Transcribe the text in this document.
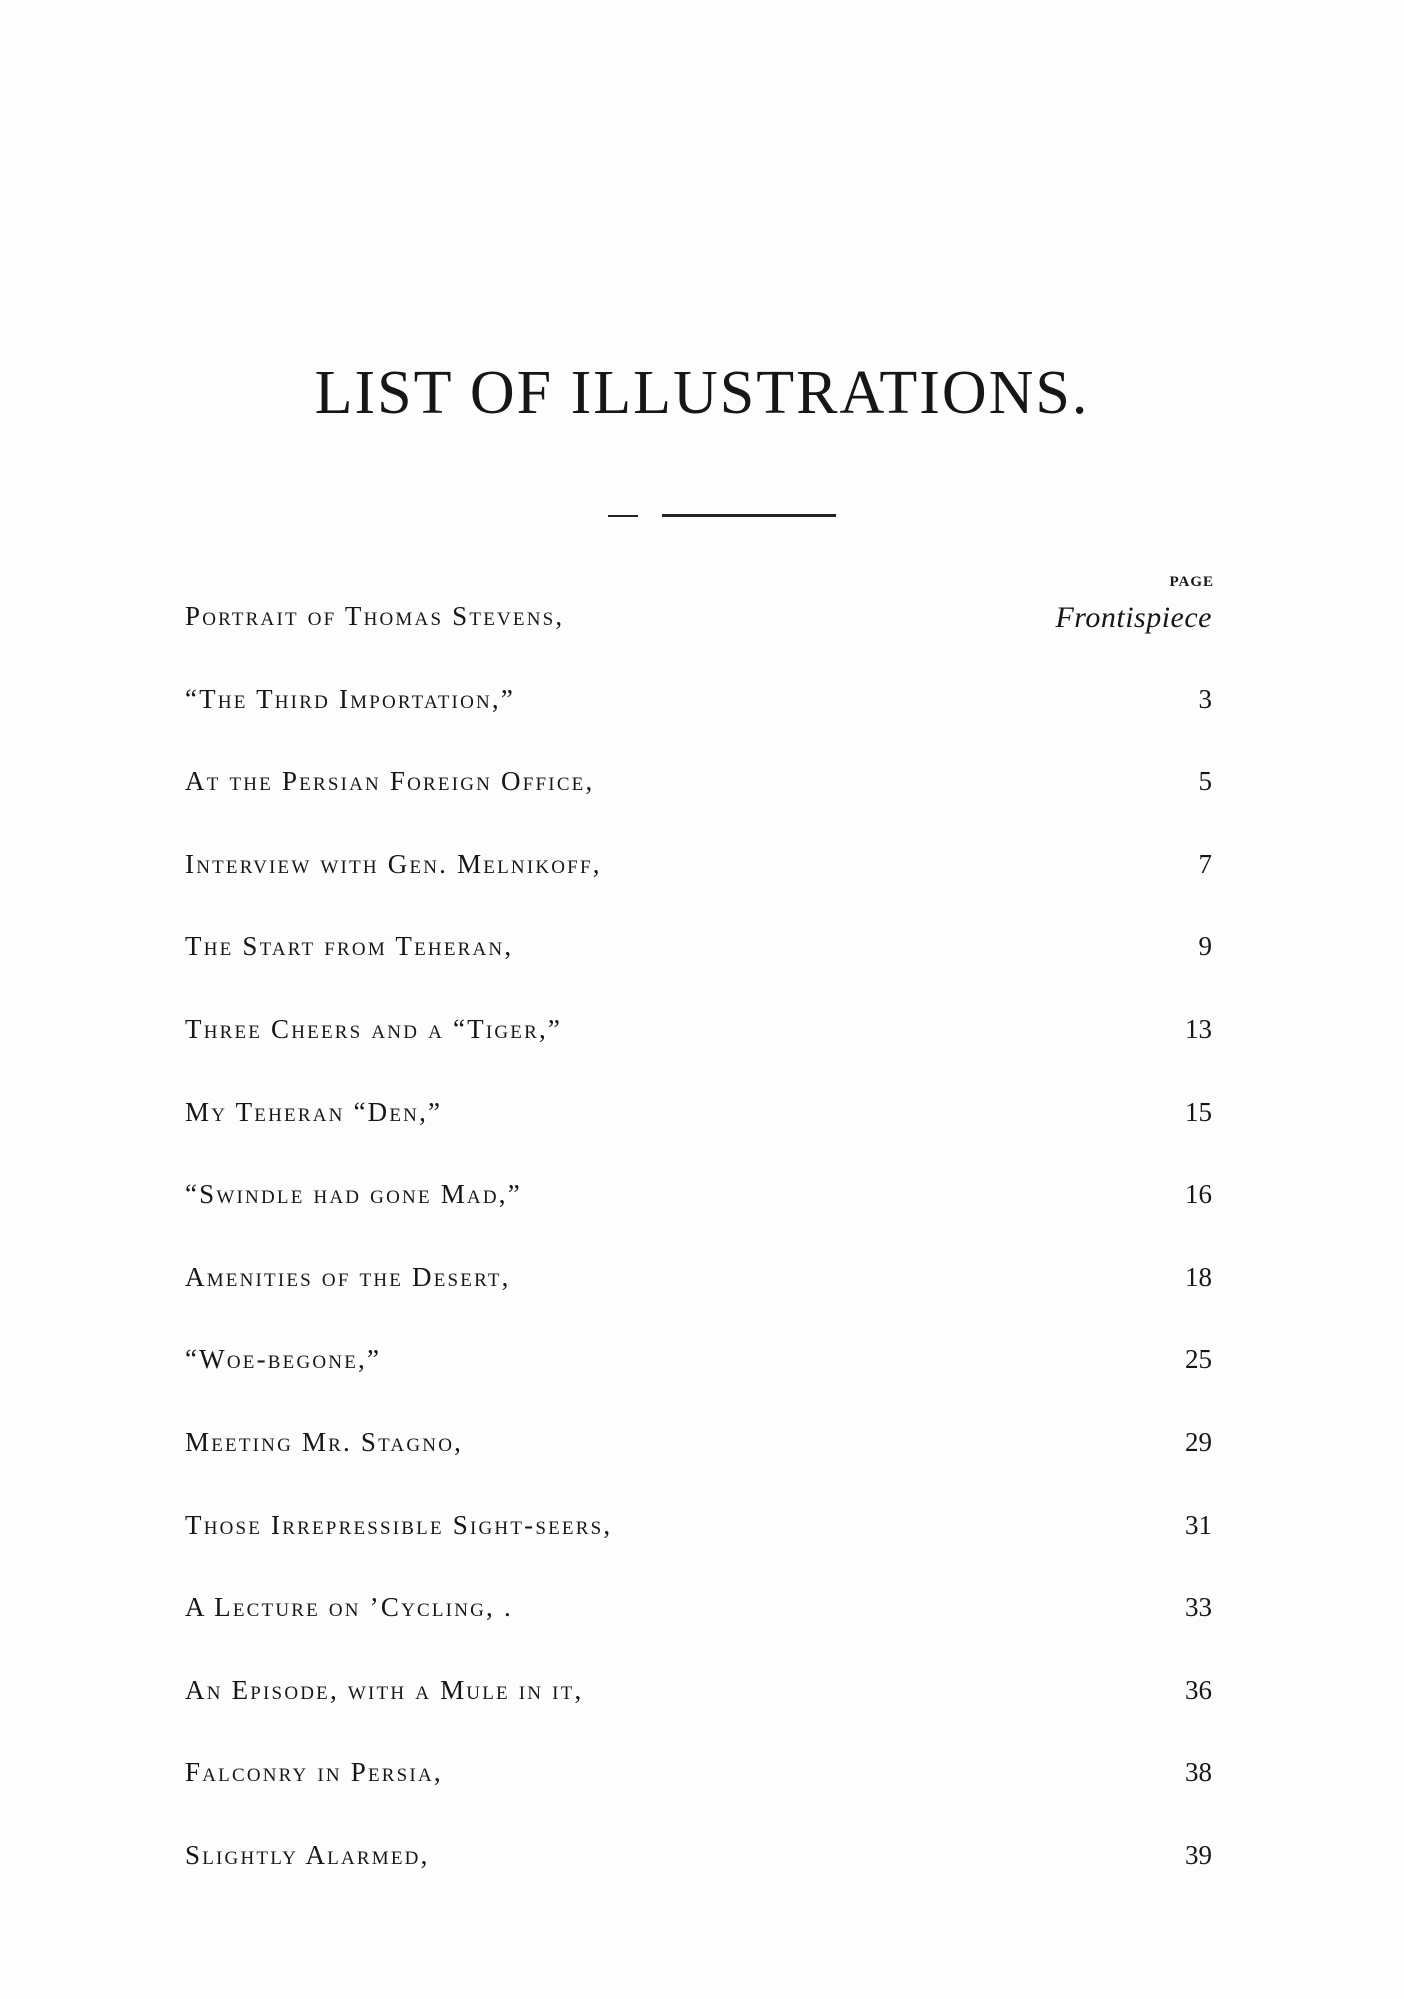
LIST OF ILLUSTRATIONS.
PAGE
Portrait of Thomas Stevens,	Frontispiece
“The Third Importation,”	3
At the Persian Foreign Office,	5
Interview with Gen. Melnikoff,	7
The Start from Teheran,	9
Three Cheers and a “Tiger,”	13
My Teheran “Den,”	15
“Swindle had gone Mad,”	16
Amenities of the Desert,	18
“Woe-begone,”	25
Meeting Mr. Stagno,	29
Those Irrepressible Sight-seers,	31
A Lecture on ’Cycling, .	33
An Episode, with a Mule in it,	36
Falconry in Persia,	38
Slightly Alarmed,	39
